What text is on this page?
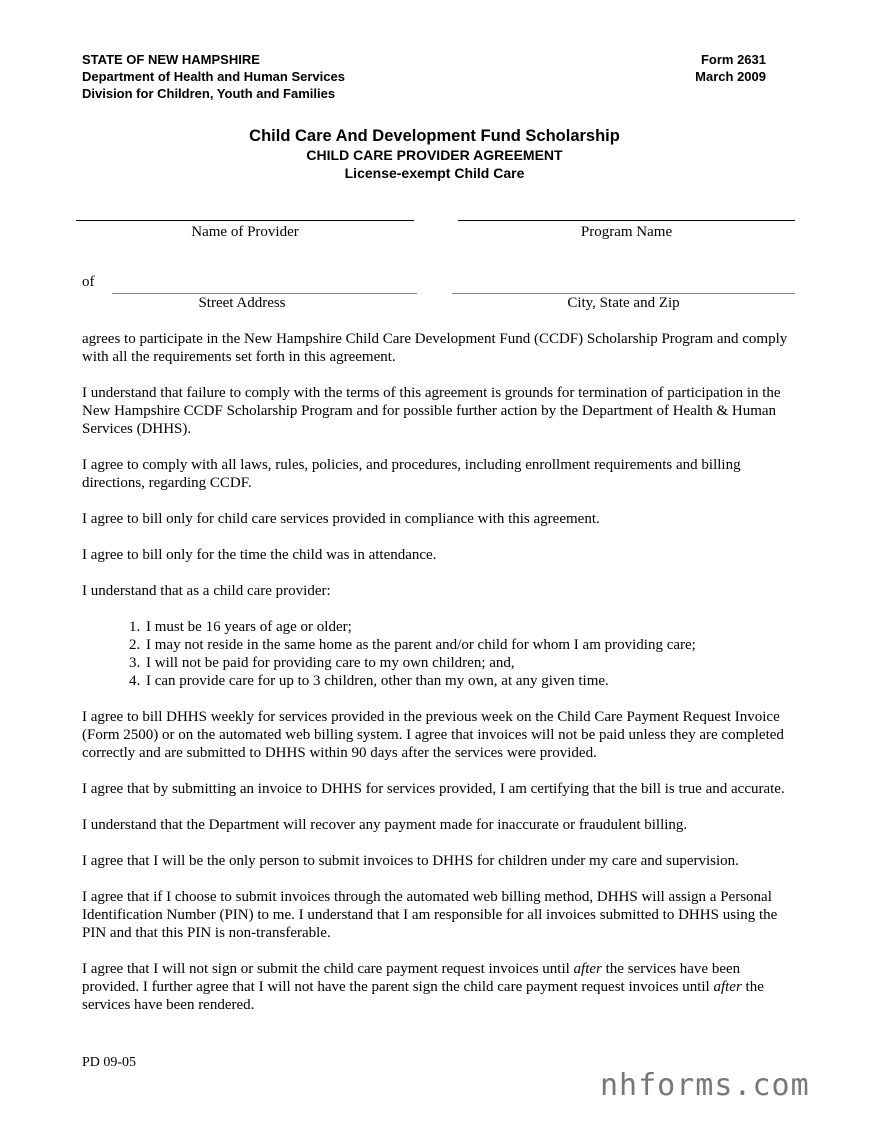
STATE OF NEW HAMPSHIRE
Department of Health and Human Services
Division for Children, Youth and Families
Form 2631
March 2009
Child Care And Development Fund Scholarship
CHILD CARE PROVIDER AGREEMENT
License-exempt Child Care
Name of Provider	Program Name
of
Street Address	City, State and Zip

agrees to participate in the New Hampshire Child Care Development Fund (CCDF) Scholarship Program and comply with all the requirements set forth in this agreement.

I understand that failure to comply with the terms of this agreement is grounds for termination of participation in the New Hampshire CCDF Scholarship Program and for possible further action by the Department of Health & Human Services (DHHS).

I agree to comply with all laws, rules, policies, and procedures, including enrollment requirements and billing directions, regarding CCDF.

I agree to bill only for child care services provided in compliance with this agreement.

I agree to bill only for the time the child was in attendance.

I understand that as a child care provider:

1. I must be 16 years of age or older;
2. I may not reside in the same home as the parent and/or child for whom I am providing care;
3. I will not be paid for providing care to my own children; and,
4. I can provide care for up to 3 children, other than my own, at any given time.

I agree to bill DHHS weekly for services provided in the previous week on the Child Care Payment Request Invoice (Form 2500) or on the automated web billing system. I agree that invoices will not be paid unless they are completed correctly and are submitted to DHHS within 90 days after the services were provided.

I agree that by submitting an invoice to DHHS for services provided, I am certifying that the bill is true and accurate.

I understand that the Department will recover any payment made for inaccurate or fraudulent billing.

I agree that I will be the only person to submit invoices to DHHS for children under my care and supervision.

I agree that if I choose to submit invoices through the automated web billing method, DHHS will assign a Personal Identification Number (PIN) to me. I understand that I am responsible for all invoices submitted to DHHS using the PIN and that this PIN is non-transferable.

I agree that I will not sign or submit the child care payment request invoices until after the services have been provided. I further agree that I will not have the parent sign the child care payment request invoices until after the services have been rendered.

PD 09-05
nhforms.com
